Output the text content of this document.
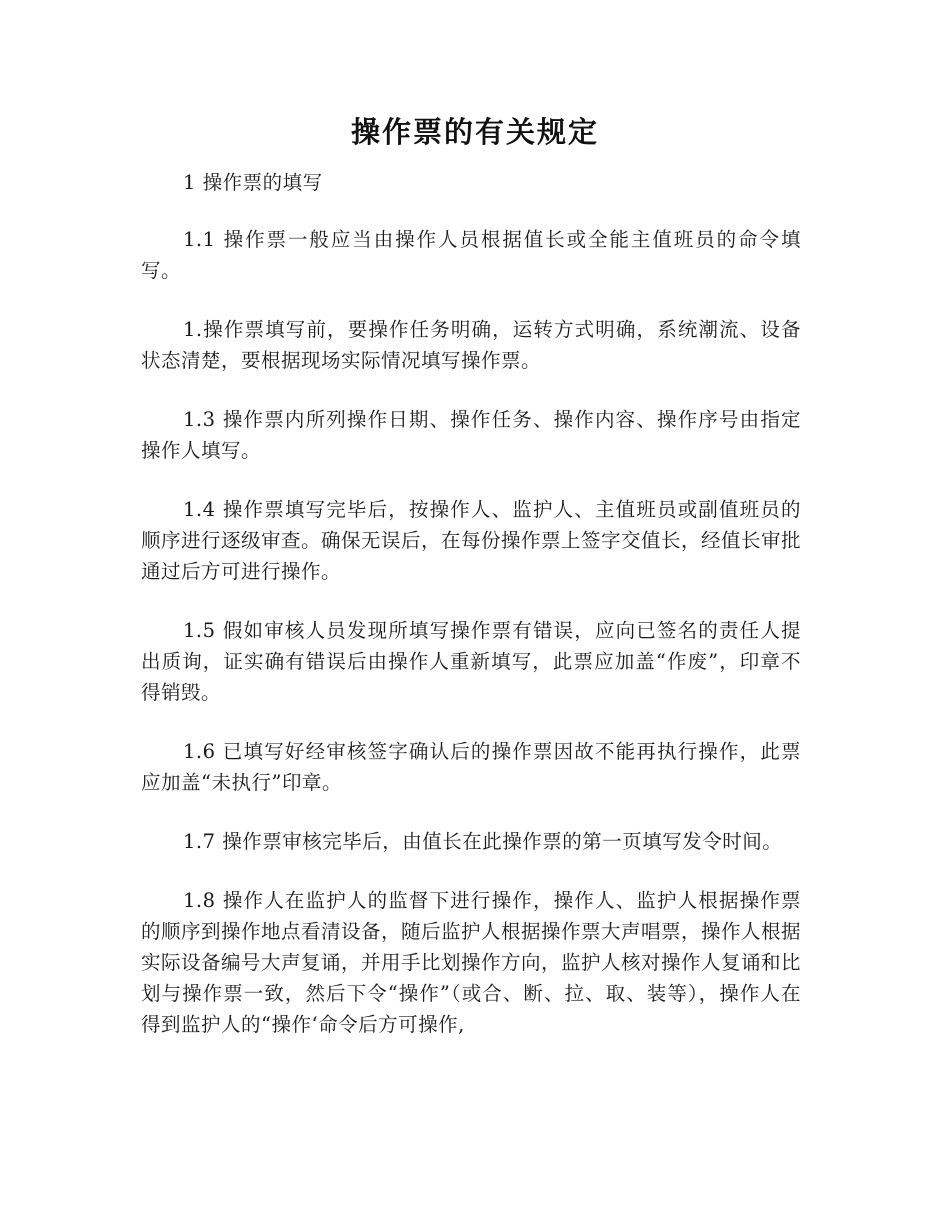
操作票的有关规定

1 操作票的填写

1.1 操作票一般应当由操作人员根据值长或全能主值班员的命令填写。

1.操作票填写前，要操作任务明确，运转方式明确，系统潮流、设备状态清楚，要根据现场实际情况填写操作票。

1.3 操作票内所列操作日期、操作任务、操作内容、操作序号由指定操作人填写。

1.4 操作票填写完毕后，按操作人、监护人、主值班员或副值班员的顺序进行逐级审查。确保无误后，在每份操作票上签字交值长，经值长审批通过后方可进行操作。

1.5 假如审核人员发现所填写操作票有错误，应向已签名的责任人提出质询，证实确有错误后由操作人重新填写，此票应加盖“作废”，印章不得销毁。

1.6 已填写好经审核签字确认后的操作票因故不能再执行操作，此票应加盖“未执行”印章。

1.7 操作票审核完毕后，由值长在此操作票的第一页填写发令时间。

1.8 操作人在监护人的监督下进行操作，操作人、监护人根据操作票的顺序到操作地点看清设备，随后监护人根据操作票大声唱票，操作人根据实际设备编号大声复诵，并用手比划操作方向，监护人核对操作人复诵和比划与操作票一致，然后下令“操作”（或合、断、拉、取、装等），操作人在得到监护人的“操作‘命令后方可操作,
